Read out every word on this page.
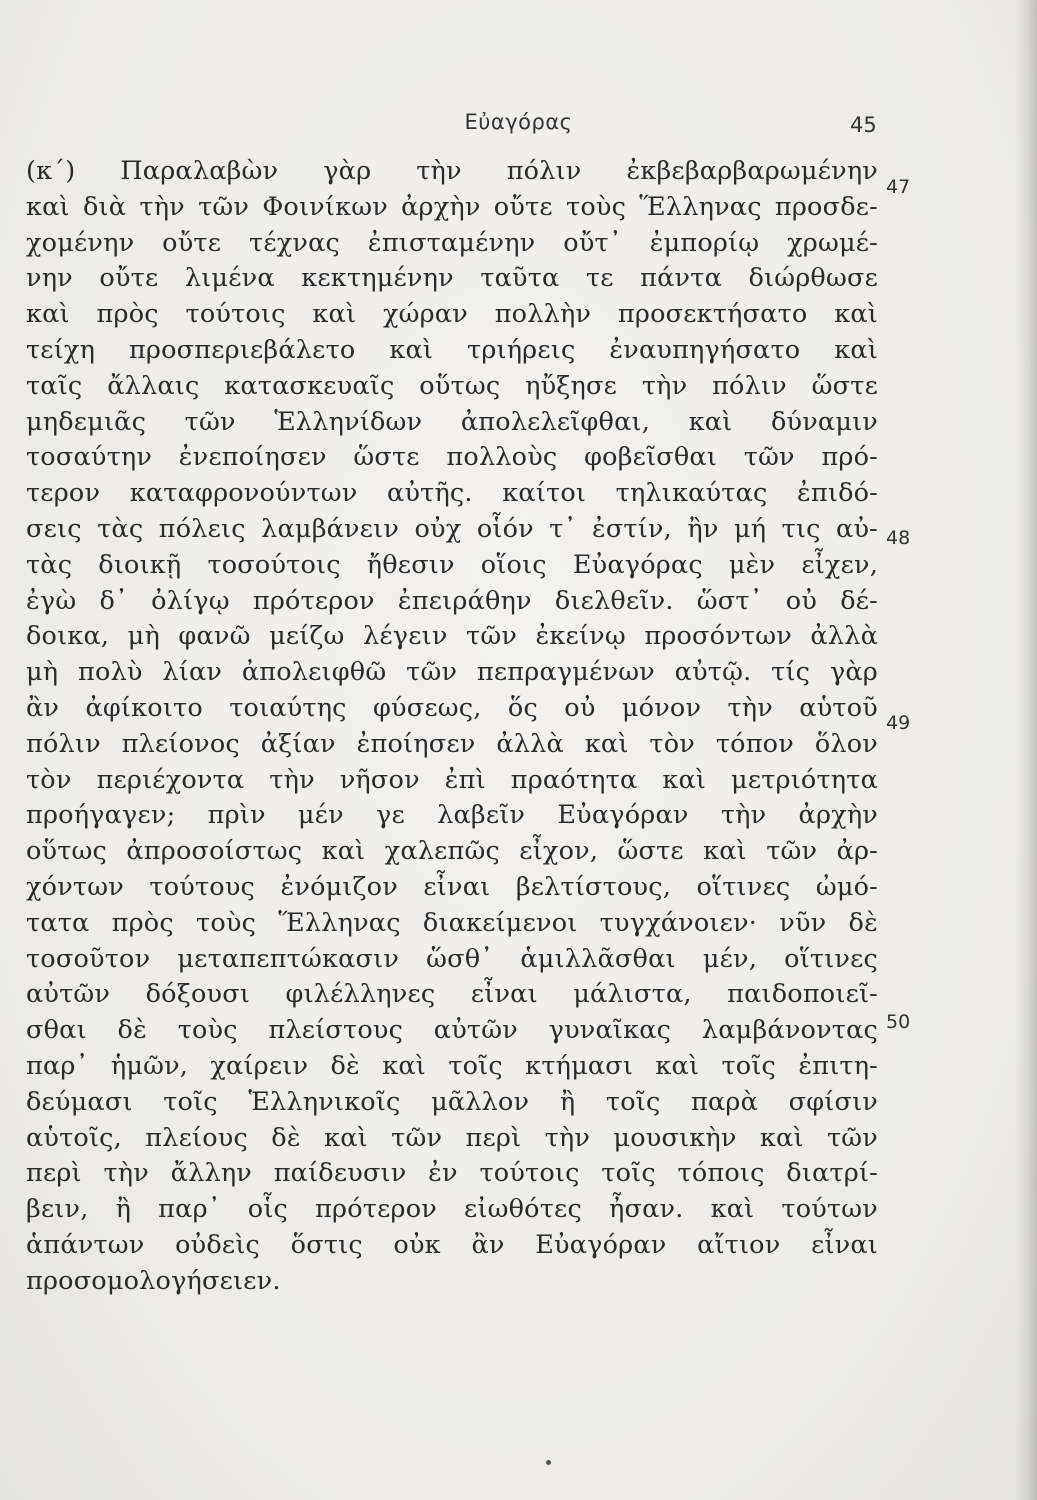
Εὐαγόρας	45
(κ΄) Παραλαβὼν γὰρ τὴν πόλιν ἐκβεβαρβαρωμένην
καὶ διὰ τὴν τῶν Φοινίκων ἀρχὴν οὔτε τοὺς Ἕλληνας προσδε-
χομένην οὔτε τέχνας ἐπισταμένην οὔτ᾽ ἐμπορίῳ χρωμέ-
νην οὔτε λιμένα κεκτημένην ταῦτα τε πάντα διώρθωσε
καὶ πρὸς τούτοις καὶ χώραν πολλὴν προσεκτήσατο καὶ
τείχη προσπεριεβάλετο καὶ τριήρεις ἐναυπηγήσατο καὶ
ταῖς ἄλλαις κατασκευαῖς οὕτως ηὔξησε τὴν πόλιν ὥστε
μηδεμιᾶς τῶν Ἑλληνίδων ἀπολελεῖφθαι, καὶ δύναμιν
τοσαύτην ἐνεποίησεν ὥστε πολλοὺς φοβεῖσθαι τῶν πρό-
τερον καταφρονούντων αὐτῆς. καίτοι τηλικαύτας ἐπιδό-
σεις τὰς πόλεις λαμβάνειν οὐχ οἷόν τ᾽ ἐστίν, ἢν μή τις αὐ-
τὰς διοικῇ τοσούτοις ἤθεσιν οἵοις Εὐαγόρας μὲν εἶχεν,
ἐγὼ δ᾽ ὀλίγῳ πρότερον ἐπειράθην διελθεῖν. ὥστ᾽ οὐ δέ-
δοικα, μὴ φανῶ μείζω λέγειν τῶν ἐκείνῳ προσόντων ἀλλὰ
μὴ πολὺ λίαν ἀπολειφθῶ τῶν πεπραγμένων αὐτῷ. τίς γὰρ
ἂν ἀφίκοιτο τοιαύτης φύσεως, ὅς οὐ μόνον τὴν αὑτοῦ
πόλιν πλείονος ἀξίαν ἐποίησεν ἀλλὰ καὶ τὸν τόπον ὅλον
τὸν περιέχοντα τὴν νῆσον ἐπὶ πραότητα καὶ μετριότητα
προήγαγεν; πρὶν μέν γε λαβεῖν Εὐαγόραν τὴν ἀρχὴν
οὕτως ἀπροσοίστως καὶ χαλεπῶς εἶχον, ὥστε καὶ τῶν ἀρ-
χόντων τούτους ἐνόμιζον εἶναι βελτίστους, οἵτινες ὠμό-
τατα πρὸς τοὺς Ἕλληνας διακείμενοι τυγχάνοιεν· νῦν δὲ
τοσοῦτον μεταπεπτώκασιν ὥσθ᾽ ἁμιλλᾶσθαι μέν, οἵτινες
αὐτῶν δόξουσι φιλέλληνες εἶναι μάλιστα, παιδοποιεῖ-
σθαι δὲ τοὺς πλείστους αὐτῶν γυναῖκας λαμβάνοντας
παρ᾽ ἡμῶν, χαίρειν δὲ καὶ τοῖς κτήμασι καὶ τοῖς ἐπιτη-
δεύμασι τοῖς Ἑλληνικοῖς μᾶλλον ἢ τοῖς παρὰ σφίσιν
αὑτοῖς, πλείους δὲ καὶ τῶν περὶ τὴν μουσικὴν καὶ τῶν
περὶ τὴν ἄλλην παίδευσιν ἐν τούτοις τοῖς τόποις διατρί-
βειν, ἢ παρ᾽ οἷς πρότερον εἰωθότες ἦσαν. καὶ τούτων
ἁπάντων οὐδεὶς ὅστις οὐκ ἂν Εὐαγόραν αἴτιον εἶναι
προσομολογήσειεν.
47
48
49
50
